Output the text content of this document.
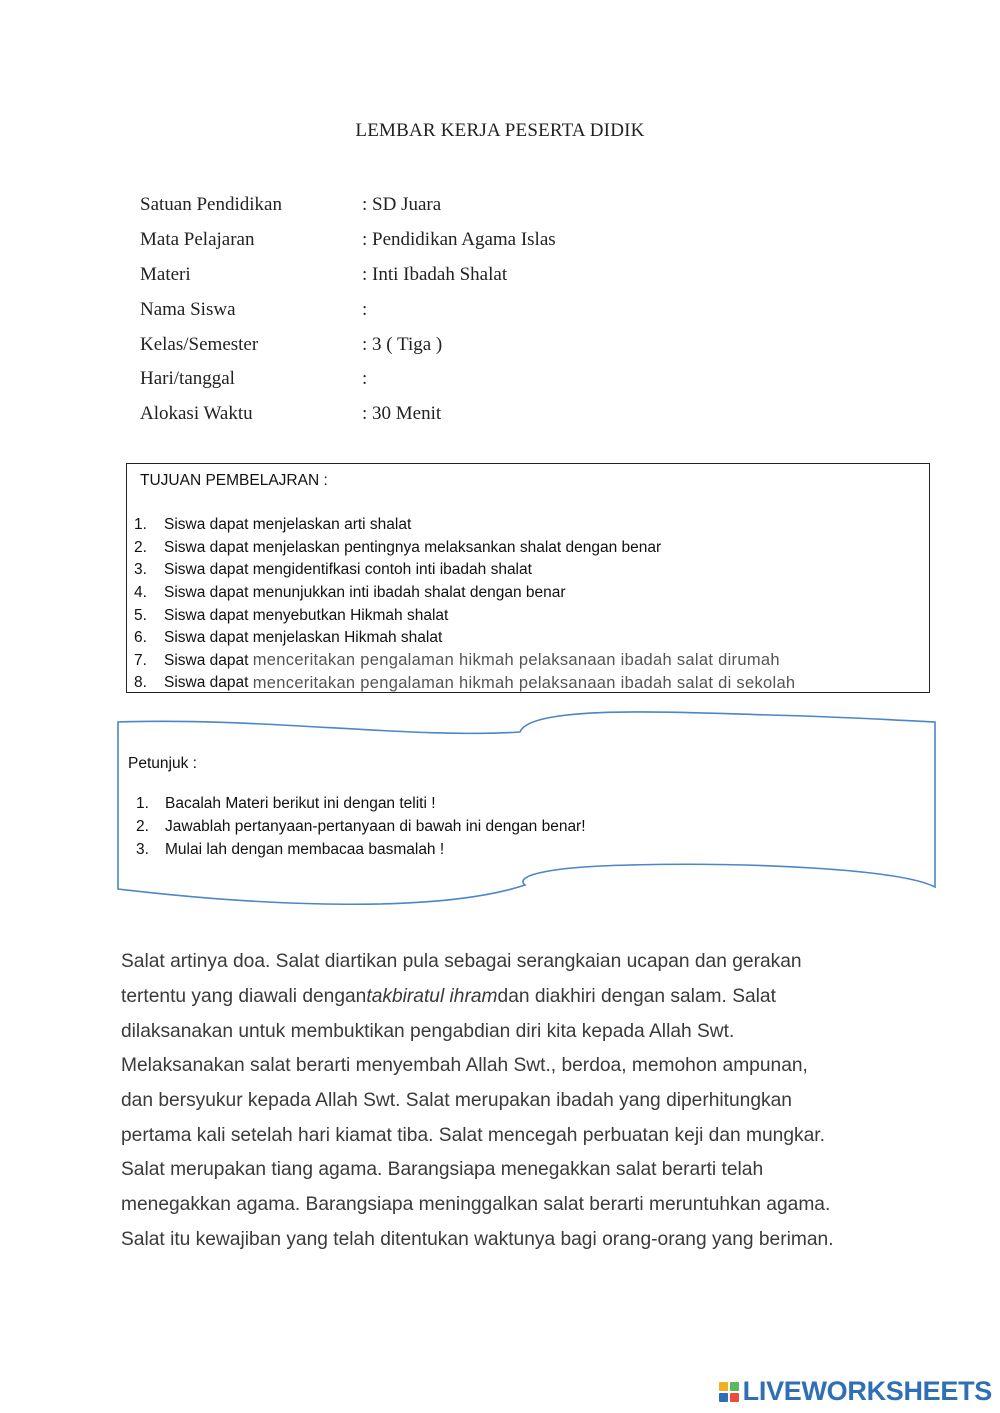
LEMBAR KERJA PESERTA DIDIK
Satuan Pendidikan	: SD Juara
Mata Pelajaran	: Pendidikan Agama Islas
Materi	: Inti Ibadah Shalat
Nama Siswa	:
Kelas/Semester	: 3 ( Tiga )
Hari/tanggal	:
Alokasi Waktu	: 30 Menit
TUJUAN PEMBELAJRAN :
1.	Siswa dapat menjelaskan arti shalat
2.	Siswa dapat menjelaskan pentingnya melaksankan shalat dengan benar
3.	Siswa dapat mengidentifkasi contoh inti ibadah shalat
4.	Siswa dapat menunjukkan inti ibadah shalat dengan benar
5.	Siswa dapat menyebutkan Hikmah shalat
6.	Siswa dapat menjelaskan Hikmah shalat
7.	Siswa dapat
menceritakan pengalaman hikmah pelaksanaan ibadah salat dirumah
8.	Siswa dapat
menceritakan pengalaman hikmah pelaksanaan ibadah salat di sekolah
Petunjuk :
1.	Bacalah Materi berikut ini dengan teliti !
2.	Jawablah pertanyaan-pertanyaan di bawah ini dengan benar!
3.	Mulai lah dengan membacaa basmalah !
Salat artinya doa. Salat diartikan pula sebagai serangkaian ucapan dan gerakan
tertentu yang diawali dengan takbiratul ihram dan diakhiri dengan salam. Salat
dilaksanakan untuk membuktikan pengabdian diri kita kepada Allah Swt.
Melaksanakan salat berarti menyembah Allah Swt., berdoa, memohon ampunan,
dan bersyukur kepada Allah Swt. Salat merupakan ibadah yang diperhitungkan
pertama kali setelah hari kiamat tiba. Salat mencegah perbuatan keji dan mungkar.
Salat merupakan tiang agama. Barangsiapa menegakkan salat berarti telah
menegakkan agama. Barangsiapa meninggalkan salat berarti meruntuhkan agama.
Salat itu kewajiban yang telah ditentukan waktunya bagi orang-orang yang beriman.
LIVEWORKSHEETS
